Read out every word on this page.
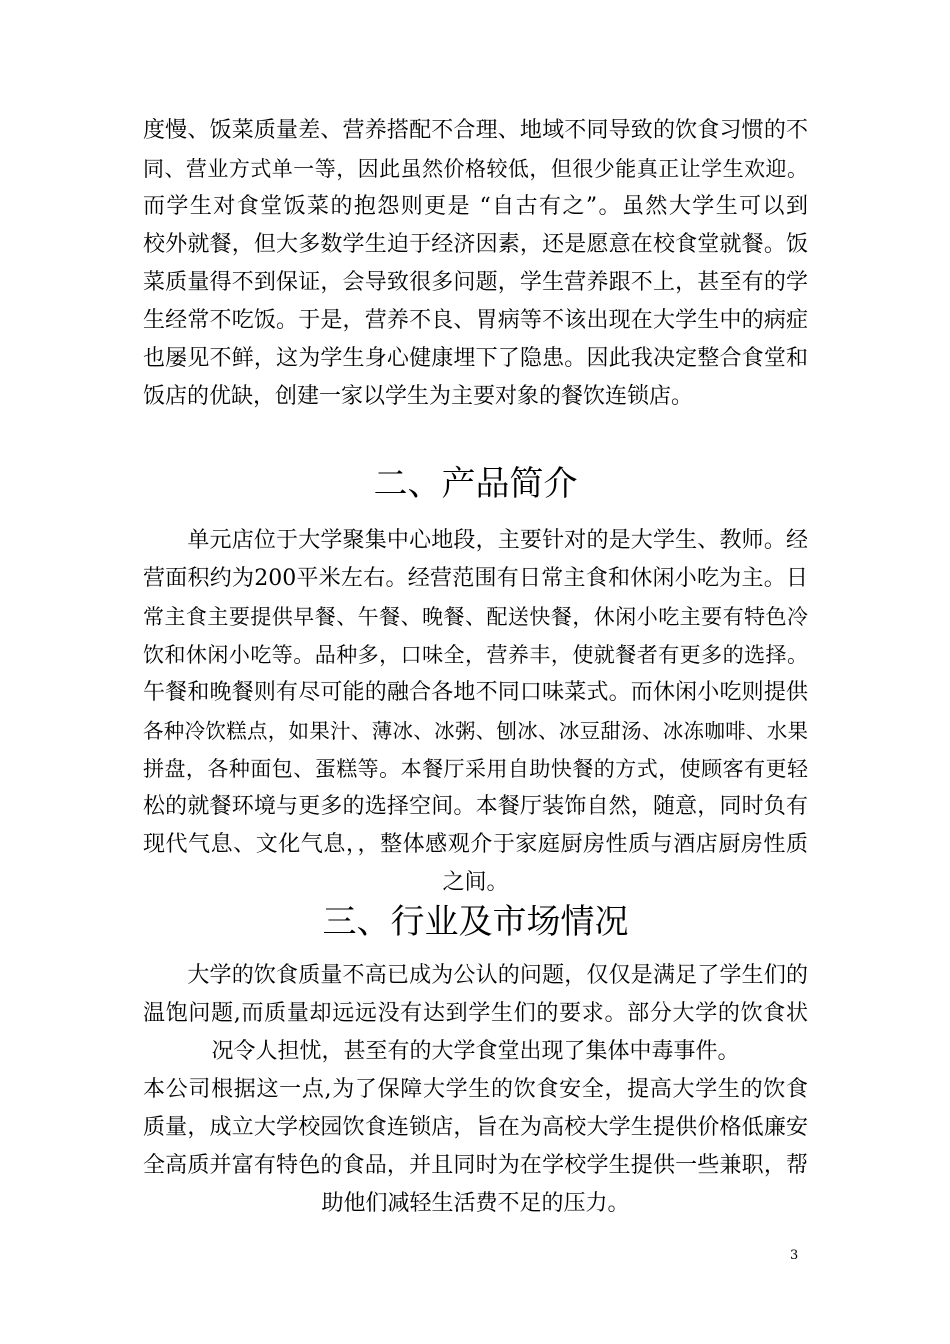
度慢、饭菜质量差、营养搭配不合理、地域不同导致的饮食习惯的不
同、营业方式单一等，因此虽然价格较低，但很少能真正让学生欢迎。
而学生对食堂饭菜的抱怨则更是 “自古有之”。虽然大学生可以到
校外就餐，但大多数学生迫于经济因素，还是愿意在校食堂就餐。饭
菜质量得不到保证，会导致很多问题，学生营养跟不上，甚至有的学
生经常不吃饭。于是，营养不良、胃病等不该出现在大学生中的病症
也屡见不鲜，这为学生身心健康埋下了隐患。因此我决定整合食堂和
饭店的优缺，创建一家以学生为主要对象的餐饮连锁店。
二、产品简介
　　单元店位于大学聚集中心地段，主要针对的是大学生、教师。经
营面积约为200平米左右。经营范围有日常主食和休闲小吃为主。日
常主食主要提供早餐、午餐、晚餐、配送快餐，休闲小吃主要有特色冷
饮和休闲小吃等。品种多，口味全，营养丰，使就餐者有更多的选择。
午餐和晚餐则有尽可能的融合各地不同口味菜式。而休闲小吃则提供
各种冷饮糕点，如果汁、薄冰、冰粥、刨冰、冰豆甜汤、冰冻咖啡、水果
拼盘，各种面包、蛋糕等。本餐厅采用自助快餐的方式，使顾客有更轻
松的就餐环境与更多的选择空间。本餐厅装饰自然，随意，同时负有
现代气息、文化气息，，整体感观介于家庭厨房性质与酒店厨房性质
之间。
三、行业及市场情况
　　大学的饮食质量不高已成为公认的问题，仅仅是满足了学生们的
温饱问题,而质量却远远没有达到学生们的要求。部分大学的饮食状
况令人担忧，甚至有的大学食堂出现了集体中毒事件。
本公司根据这一点,为了保障大学生的饮食安全，提高大学生的饮食
质量，成立大学校园饮食连锁店，旨在为高校大学生提供价格低廉安
全高质并富有特色的食品，并且同时为在学校学生提供一些兼职，帮
助他们减轻生活费不足的压力。
3
